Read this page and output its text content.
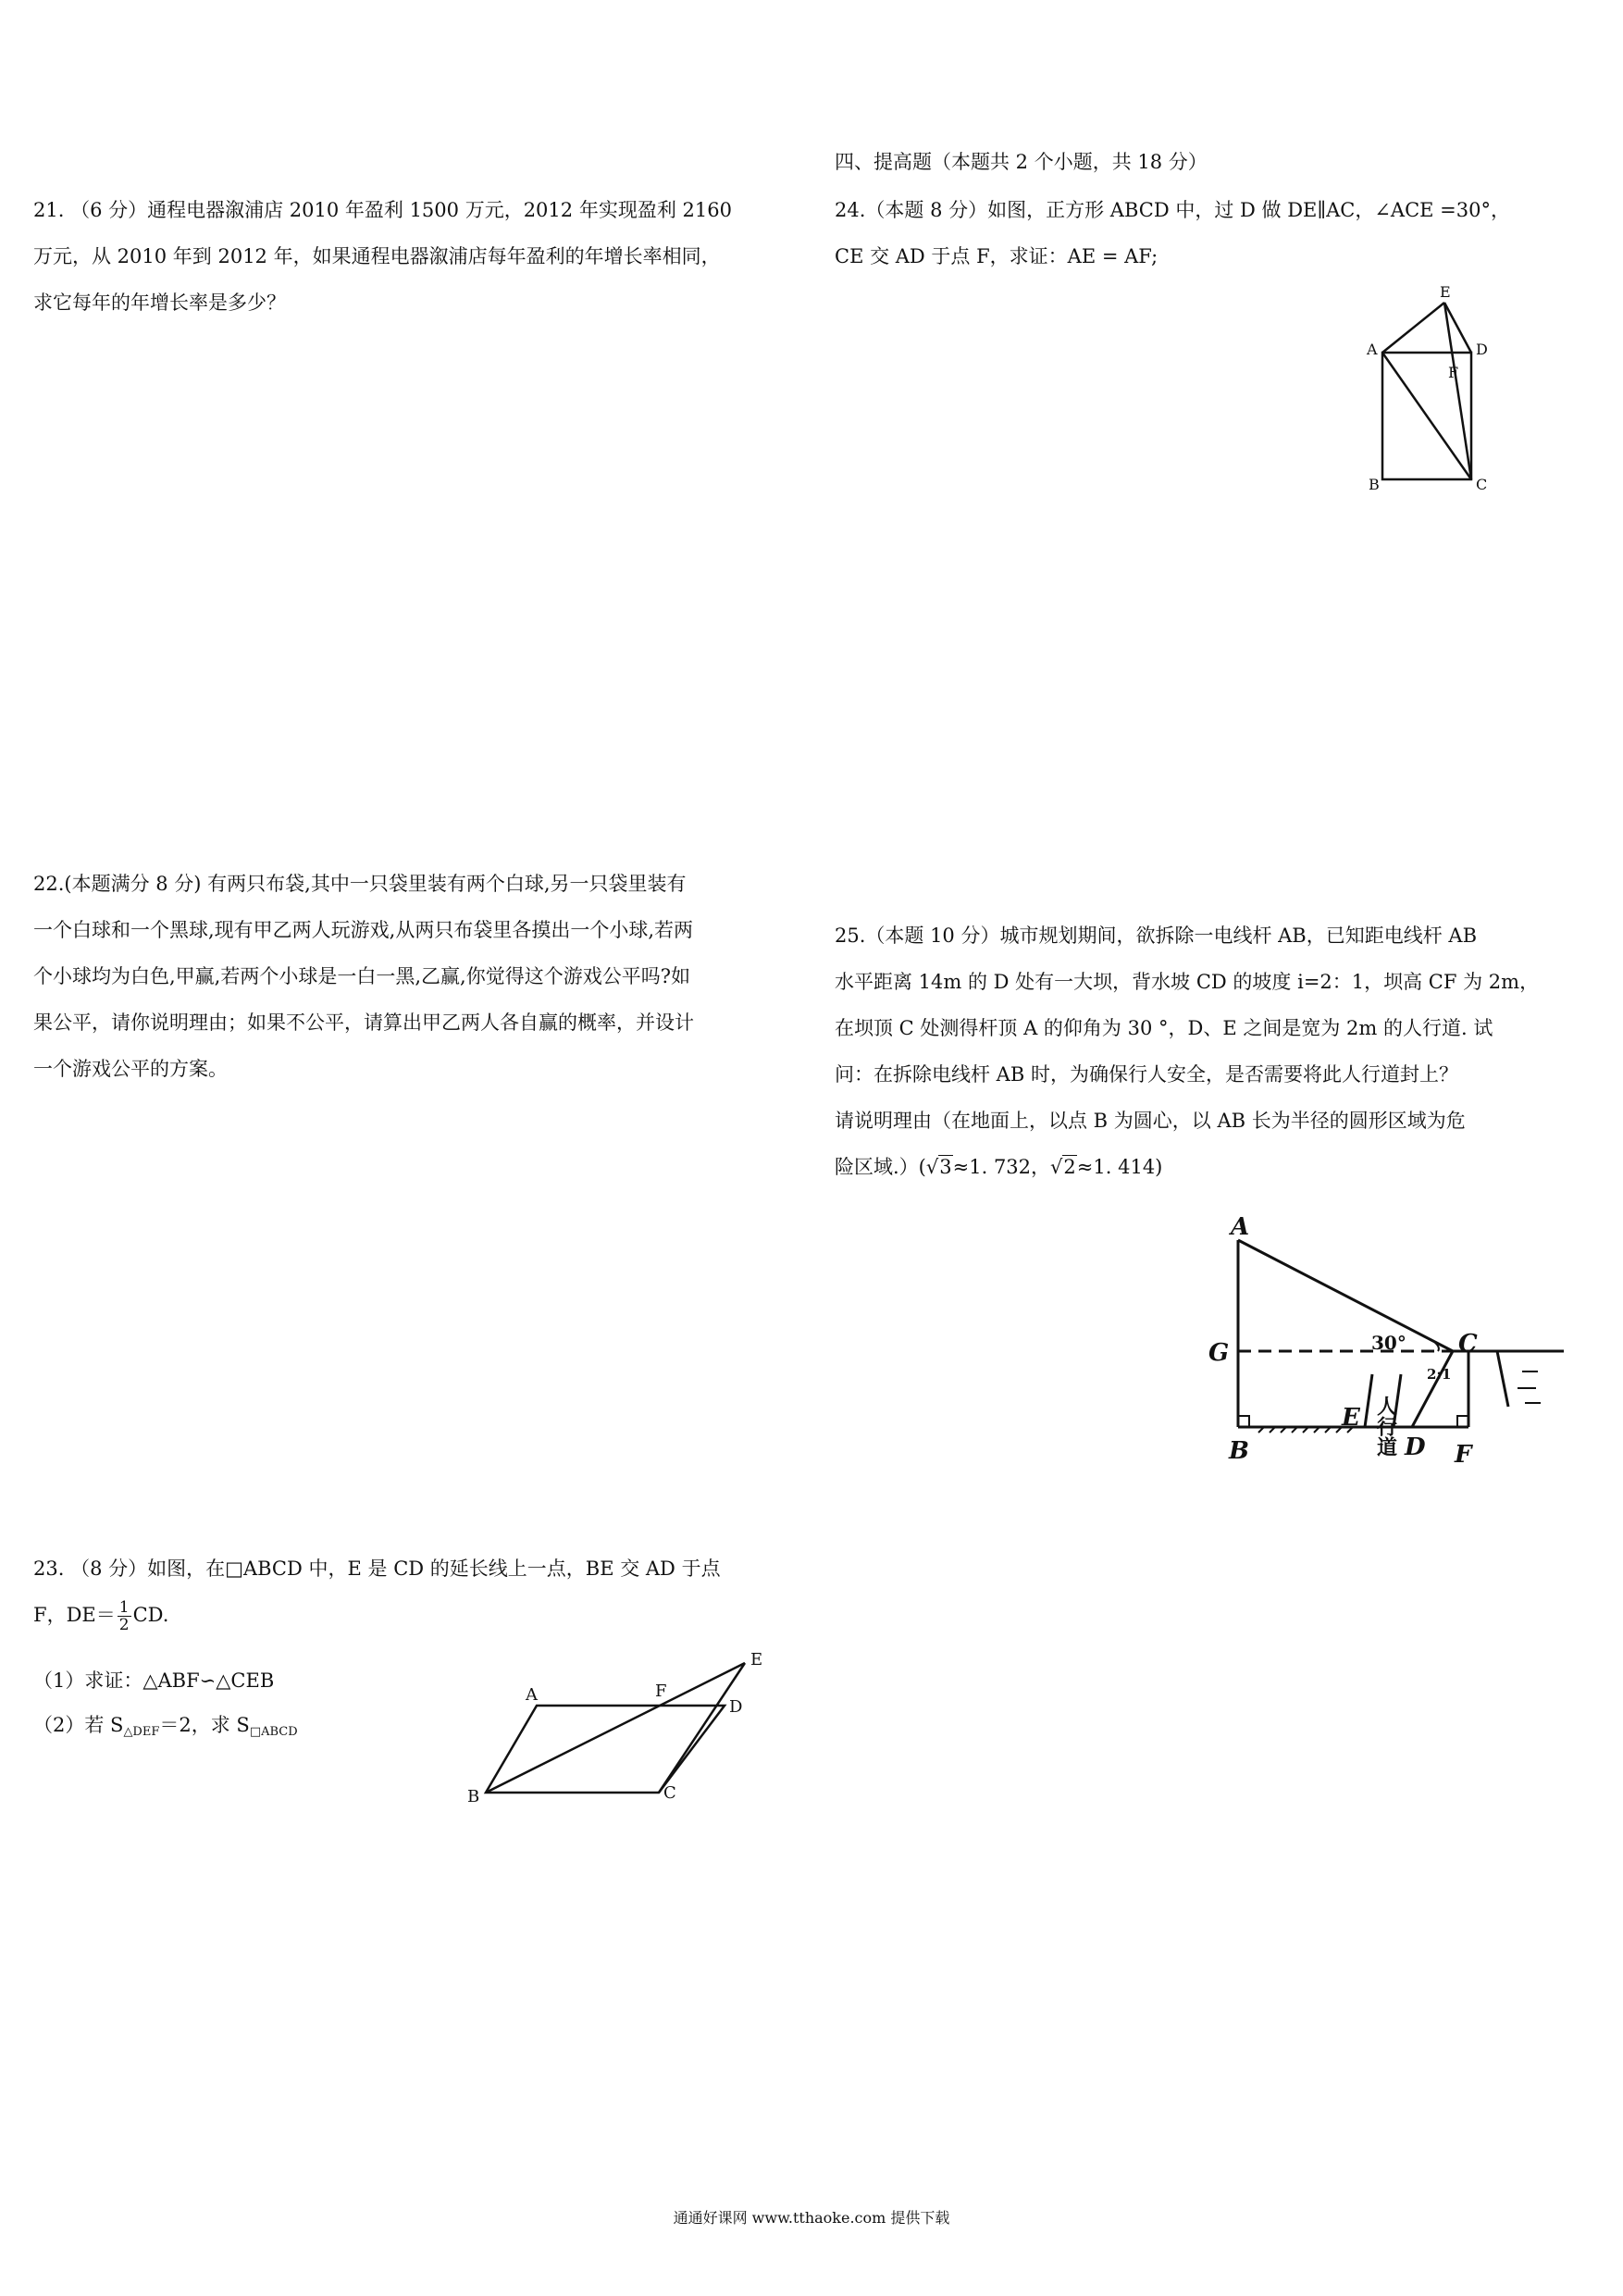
四、提高题（本题共 2 个小题，共 18 分）

21. （6 分）通程电器溆浦店 2010 年盈利 1500 万元，2012 年实现盈利 2160

万元，从 2010 年到 2012 年，如果通程电器溆浦店每年盈利的年增长率相同，

求它每年的年增长率是多少？

24.（本题 8 分）如图，正方形 ABCD 中，过 D 做 DE∥AC，∠ACE =30°，

CE 交 AD 于点 F，求证：AE = AF;

E
A	D
F
B	C

22.(本题满分 8 分) 有两只布袋,其中一只袋里装有两个白球,另一只袋里装有

一个白球和一个黑球,现有甲乙两人玩游戏,从两只布袋里各摸出一个小球,若两

个小球均为白色,甲赢,若两个小球是一白一黑,乙赢,你觉得这个游戏公平吗?如

果公平，请你说明理由；如果不公平，请算出甲乙两人各自赢的概率，并设计

一个游戏公平的方案。

25.（本题 10 分）城市规划期间，欲拆除一电线杆 AB，已知距电线杆 AB

水平距离 14m 的 D 处有一大坝，背水坡 CD 的坡度 i=2：1，坝高 CF 为 2m，

在坝顶 C 处测得杆顶 A 的仰角为 30 °，D、E 之间是宽为 2m 的人行道. 试

问：在拆除电线杆 AB 时，为确保行人安全，是否需要将此人行道封上？

请说明理由（在地面上，以点 B 为圆心，以 AB 长为半径的圆形区域为危

险区域.）(√3≈1. 732，√2≈1. 414)

A
G
B
C
E
D F
30°
2:1
人行道

23. （8 分）如图，在□ABCD 中，E 是 CD 的延长线上一点，BE 交 AD 于点

F，$DE= \frac{1}{2}$ CD.

（1）求证：△ABF∽△CEB

（2）若 $S_{\triangle DEF}=2$，求 $S_{□ABCD}$

A	F
E
D
B	C
通通好课网 www.tthaoke.com 提供下载
